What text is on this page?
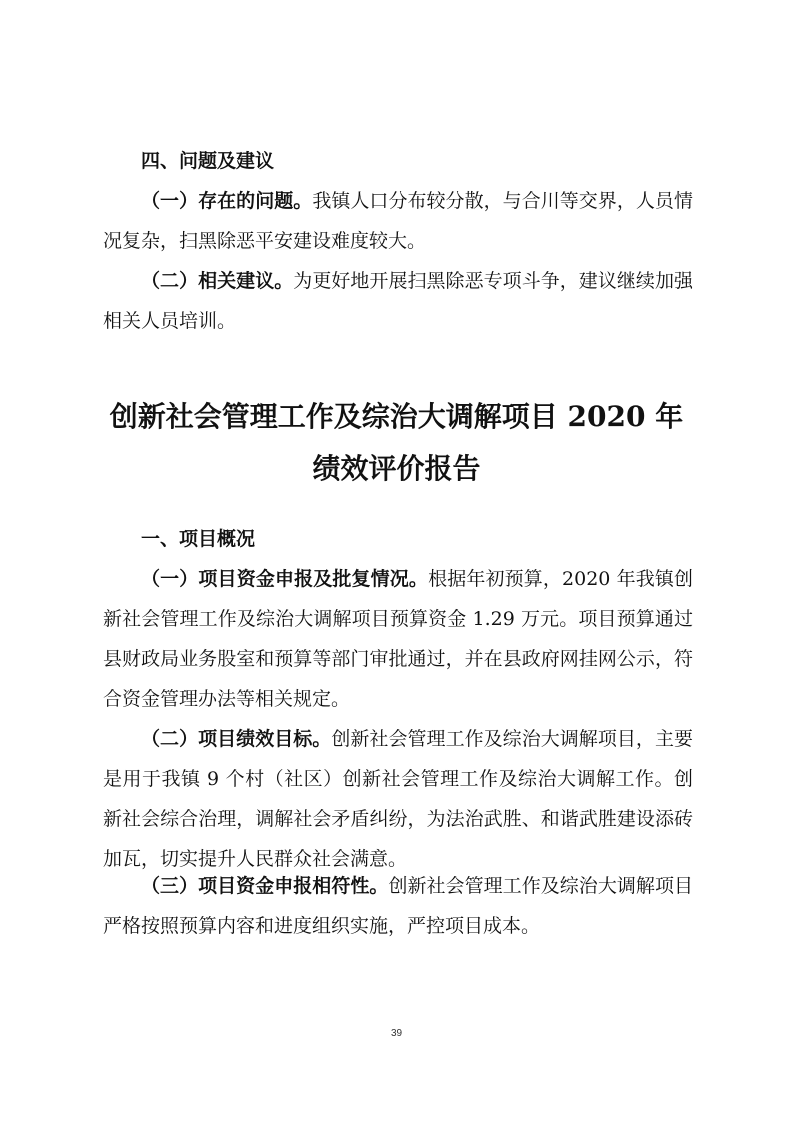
四、问题及建议
（一）存在的问题。我镇人口分布较分散，与合川等交界，人员情况复杂，扫黑除恶平安建设难度较大。
（二）相关建议。为更好地开展扫黑除恶专项斗争，建议继续加强相关人员培训。
创新社会管理工作及综治大调解项目 2020 年
绩效评价报告
一、项目概况
（一）项目资金申报及批复情况。根据年初预算，2020 年我镇创新社会管理工作及综治大调解项目预算资金 1.29 万元。项目预算通过县财政局业务股室和预算等部门审批通过，并在县政府网挂网公示，符合资金管理办法等相关规定。
（二）项目绩效目标。创新社会管理工作及综治大调解项目，主要是用于我镇 9 个村（社区）创新社会管理工作及综治大调解工作。创新社会综合治理，调解社会矛盾纠纷，为法治武胜、和谐武胜建设添砖加瓦，切实提升人民群众社会满意。
（三）项目资金申报相符性。创新社会管理工作及综治大调解项目严格按照预算内容和进度组织实施，严控项目成本。
39
